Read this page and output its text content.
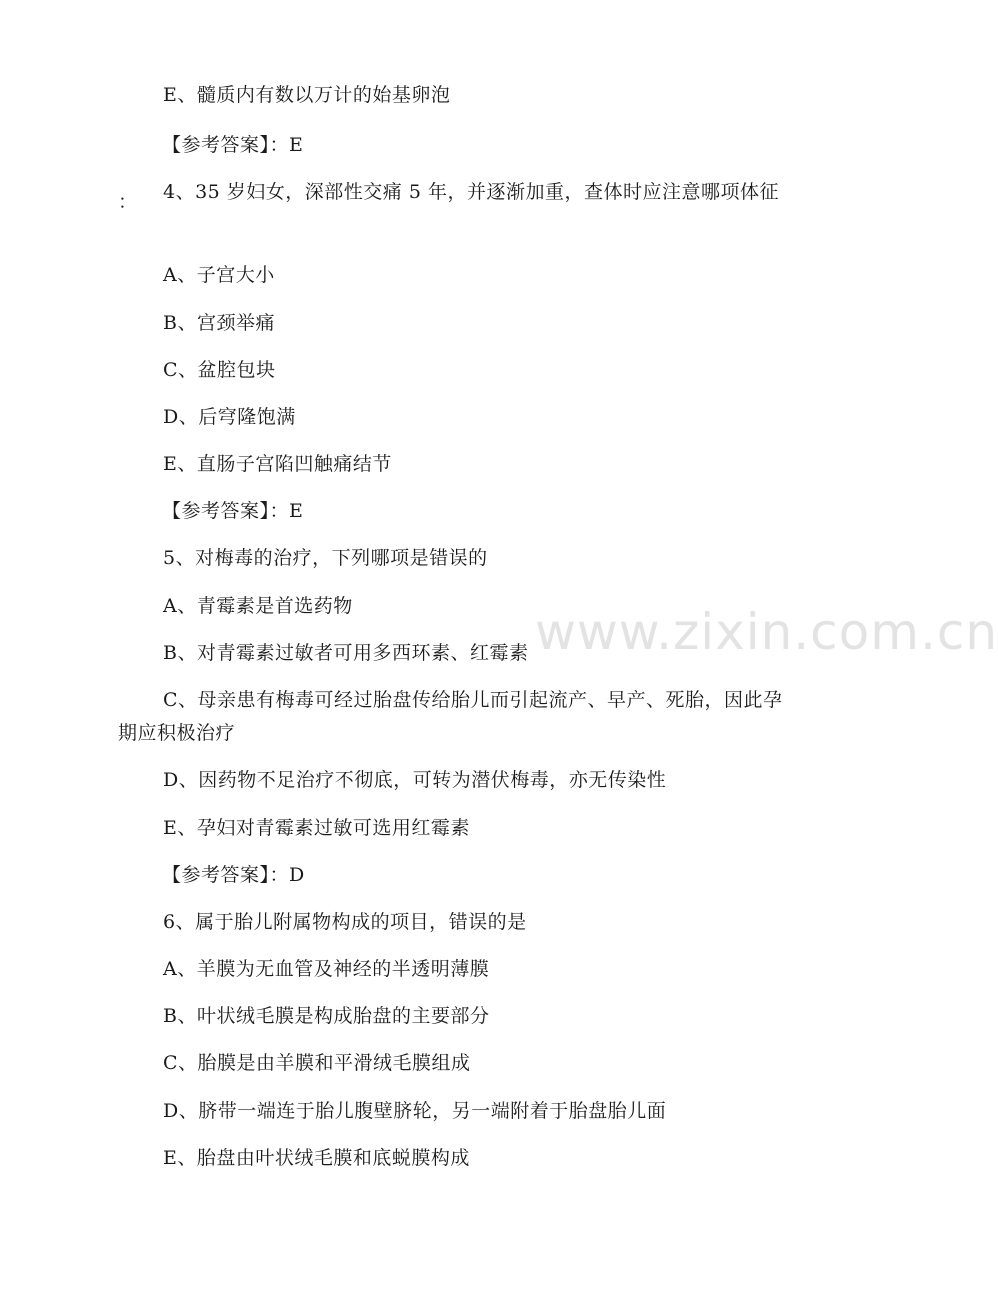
www.zixin.com.cn
E、髓质内有数以万计的始基卵泡
【参考答案】：E
4、35 岁妇女，深部性交痛 5 年，并逐渐加重，查体时应注意哪项体征
：
A、子宫大小
B、宫颈举痛
C、盆腔包块
D、后穹隆饱满
E、直肠子宫陷凹触痛结节
【参考答案】：E
5、对梅毒的治疗，下列哪项是错误的
A、青霉素是首选药物
B、对青霉素过敏者可用多西环素、红霉素
C、母亲患有梅毒可经过胎盘传给胎儿而引起流产、早产、死胎，因此孕
期应积极治疗
D、因药物不足治疗不彻底，可转为潜伏梅毒，亦无传染性
E、孕妇对青霉素过敏可选用红霉素
【参考答案】：D
6、属于胎儿附属物构成的项目，错误的是
A、羊膜为无血管及神经的半透明薄膜
B、叶状绒毛膜是构成胎盘的主要部分
C、胎膜是由羊膜和平滑绒毛膜组成
D、脐带一端连于胎儿腹壁脐轮，另一端附着于胎盘胎儿面
E、胎盘由叶状绒毛膜和底蜕膜构成
